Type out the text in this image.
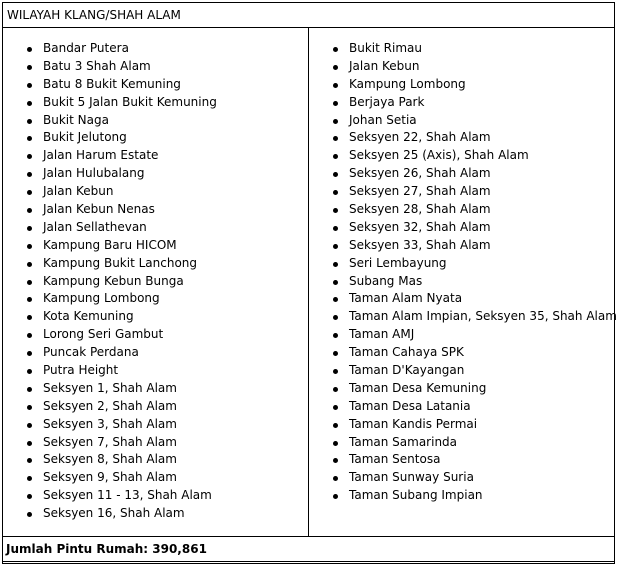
WILAYAH KLANG/SHAH ALAM
Bandar Putera
Batu 3 Shah Alam
Batu 8 Bukit Kemuning
Bukit 5 Jalan Bukit Kemuning
Bukit Naga
Bukit Jelutong
Jalan Harum Estate
Jalan Hulubalang
Jalan Kebun
Jalan Kebun Nenas
Jalan Sellathevan
Kampung Baru HICOM
Kampung Bukit Lanchong
Kampung Kebun Bunga
Kampung Lombong
Kota Kemuning
Lorong Seri Gambut
Puncak Perdana
Putra Height
Seksyen 1, Shah Alam
Seksyen 2, Shah Alam
Seksyen 3, Shah Alam
Seksyen 7, Shah Alam
Seksyen 8, Shah Alam
Seksyen 9, Shah Alam
Seksyen 11 - 13, Shah Alam
Seksyen 16, Shah Alam
Bukit Rimau
Jalan Kebun
Kampung Lombong
Berjaya Park
Johan Setia
Seksyen 22, Shah Alam
Seksyen 25 (Axis), Shah Alam
Seksyen 26, Shah Alam
Seksyen 27, Shah Alam
Seksyen 28, Shah Alam
Seksyen 32, Shah Alam
Seksyen 33, Shah Alam
Seri Lembayung
Subang Mas
Taman Alam Nyata
Taman Alam Impian, Seksyen 35, Shah Alam
Taman AMJ
Taman Cahaya SPK
Taman D'Kayangan
Taman Desa Kemuning
Taman Desa Latania
Taman Kandis Permai
Taman Samarinda
Taman Sentosa
Taman Sunway Suria
Taman Subang Impian
Jumlah Pintu Rumah: 390,861
